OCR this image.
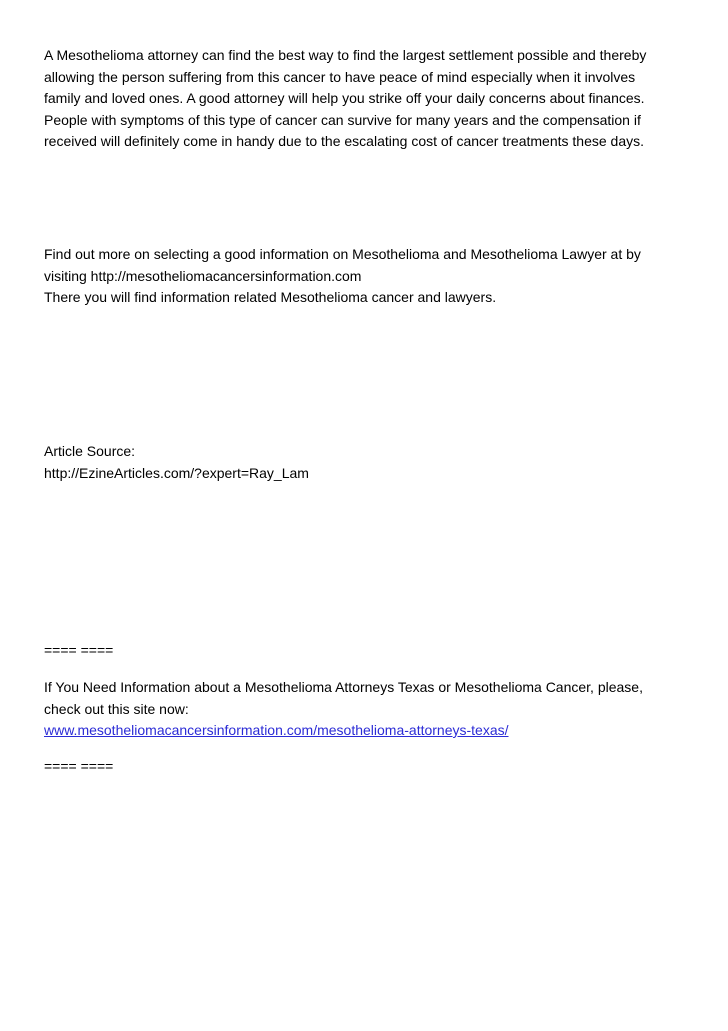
A Mesothelioma attorney can find the best way to find the largest settlement possible and thereby
allowing the person suffering from this cancer to have peace of mind especially when it involves
family and loved ones. A good attorney will help you strike off your daily concerns about finances.
People with symptoms of this type of cancer can survive for many years and the compensation if
received will definitely come in handy due to the escalating cost of cancer treatments these days.
Find out more on selecting a good information on Mesothelioma and Mesothelioma Lawyer at by
visiting http://mesotheliomacancersinformation.com
There you will find information related Mesothelioma cancer and lawyers.
Article Source:
http://EzineArticles.com/?expert=Ray_Lam
==== ====
If You Need Information about a Mesothelioma Attorneys Texas or Mesothelioma Cancer, please,
check out this site now:
www.mesotheliomacancersinformation.com/mesothelioma-attorneys-texas/
==== ====
